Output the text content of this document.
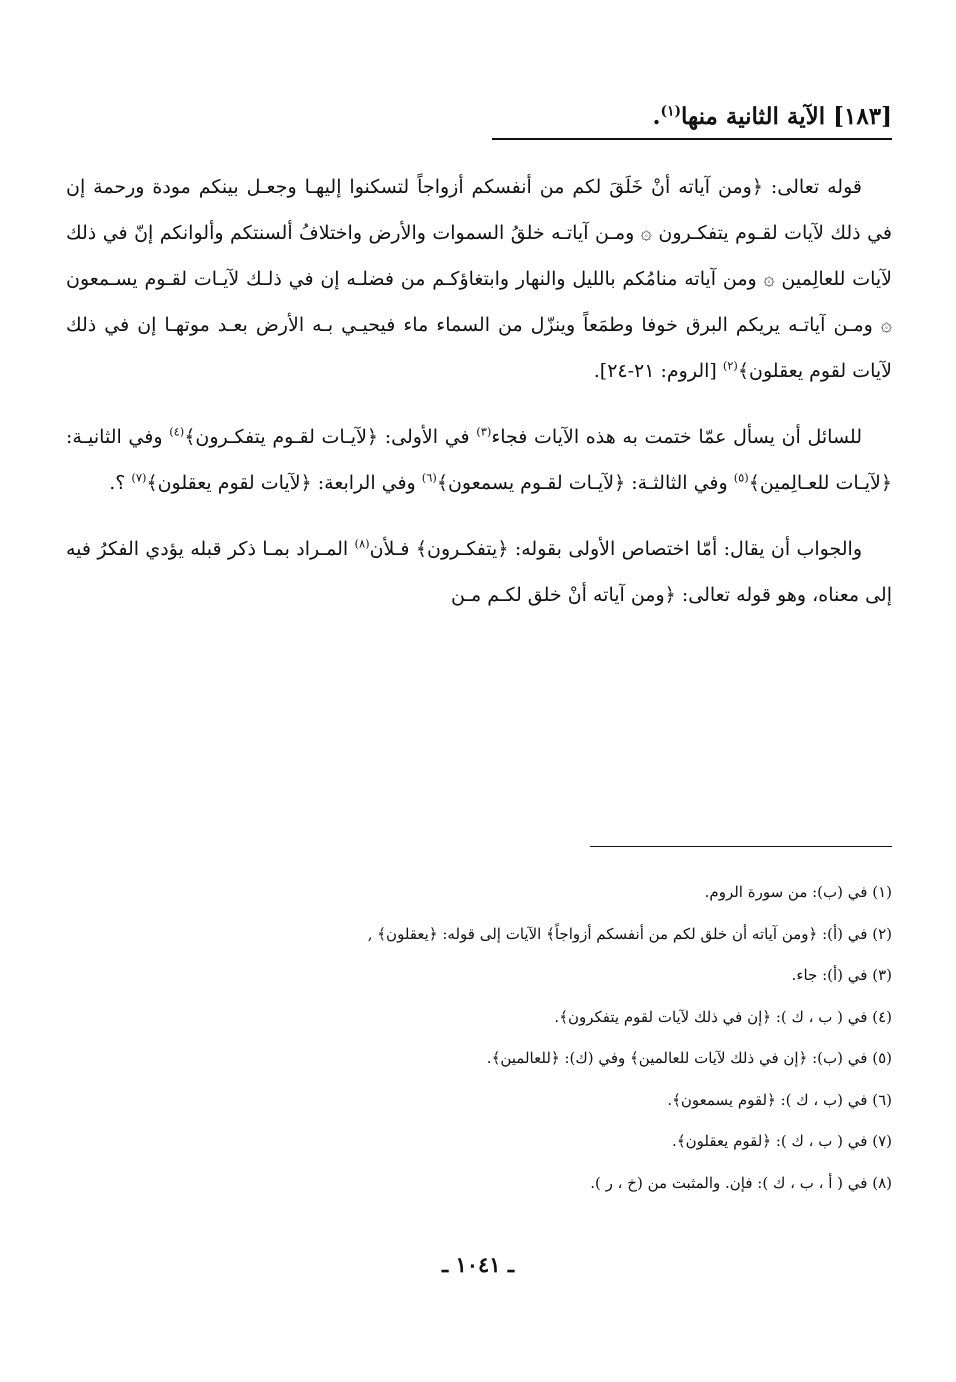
[١٨٣] الآية الثانية منها$^{(١)}$.

قوله تعالى: ﴿ومن آياته أنْ خَلَقَ لكم من أنفسكم أزواجاً لتسكنوا إليهـا وجعـل بينكم مودة ورحمة إن في ذلك لآيات لقـوم يتفكـرون ۞ ومـن آياتـه خلقُ السموات والأرض واختلافُ ألسنتكم وألوانكم إنّ في ذلك لآيات للعالِمين ۞ ومن آياته منامُكم بالليل والنهار وابتغاؤكـم من فضلـه إن في ذلـك لآيـات لقـوم يسـمعون ۞ ومـن آياتـه يريكم البرق خوفا وطمَعاً وينزّل من السماء ماء فيحيـي بـه الأرض بعـد موتهـا إن في ذلك لآيات لقوم يعقلون﴾$^{(٢)}$ [الروم: ٢١-٢٤].

للسائل أن يسأل عمّا ختمت به هذه الآيات فجاء$^{(٣)}$ في الأولى: ﴿لآيـات لقـوم يتفكـرون﴾$^{(٤)}$ وفي الثانيـة: ﴿لآيـات للعـالِمين﴾$^{(٥)}$ وفي الثالثـة: ﴿لآيـات لقـوم يسمعون﴾$^{(٦)}$ وفي الرابعة: ﴿لآيات لقوم يعقلون﴾$^{(٧)}$ ؟.

والجواب أن يقال: أمّا اختصاص الأولى بقوله: ﴿يتفكـرون﴾ فـلأن$^{(٨)}$ المـراد بمـا ذكر قبله يؤدي الفكرُ فيه إلى معناه، وهو قوله تعالى: ﴿ومن آياته أنْ خلق لكـم مـن

(١) في (ب): من سورة الروم.
(٢) في (أ): ﴿ومن آياته أن خلق لكم من أنفسكم أزواجاً﴾ الآيات إلى قوله: ﴿يعقلون﴾ ,
(٣) في (أ): جاء.
(٤) في ( ب ، ك ): ﴿إن في ذلك لآيات لقوم يتفكرون﴾.
(٥) في (ب): ﴿إن في ذلك لآيات للعالمين﴾ وفي (ك): ﴿للعالمين﴾.
(٦) في (ب ، ك ): ﴿لقوم يسمعون﴾.
(٧) في ( ب ، ك ): ﴿لقوم يعقلون﴾.
(٨) في ( أ ، ب ، ك ): فإن. والمثبت من (خ ، ر ).
ـ ١٠٤١ ـ
